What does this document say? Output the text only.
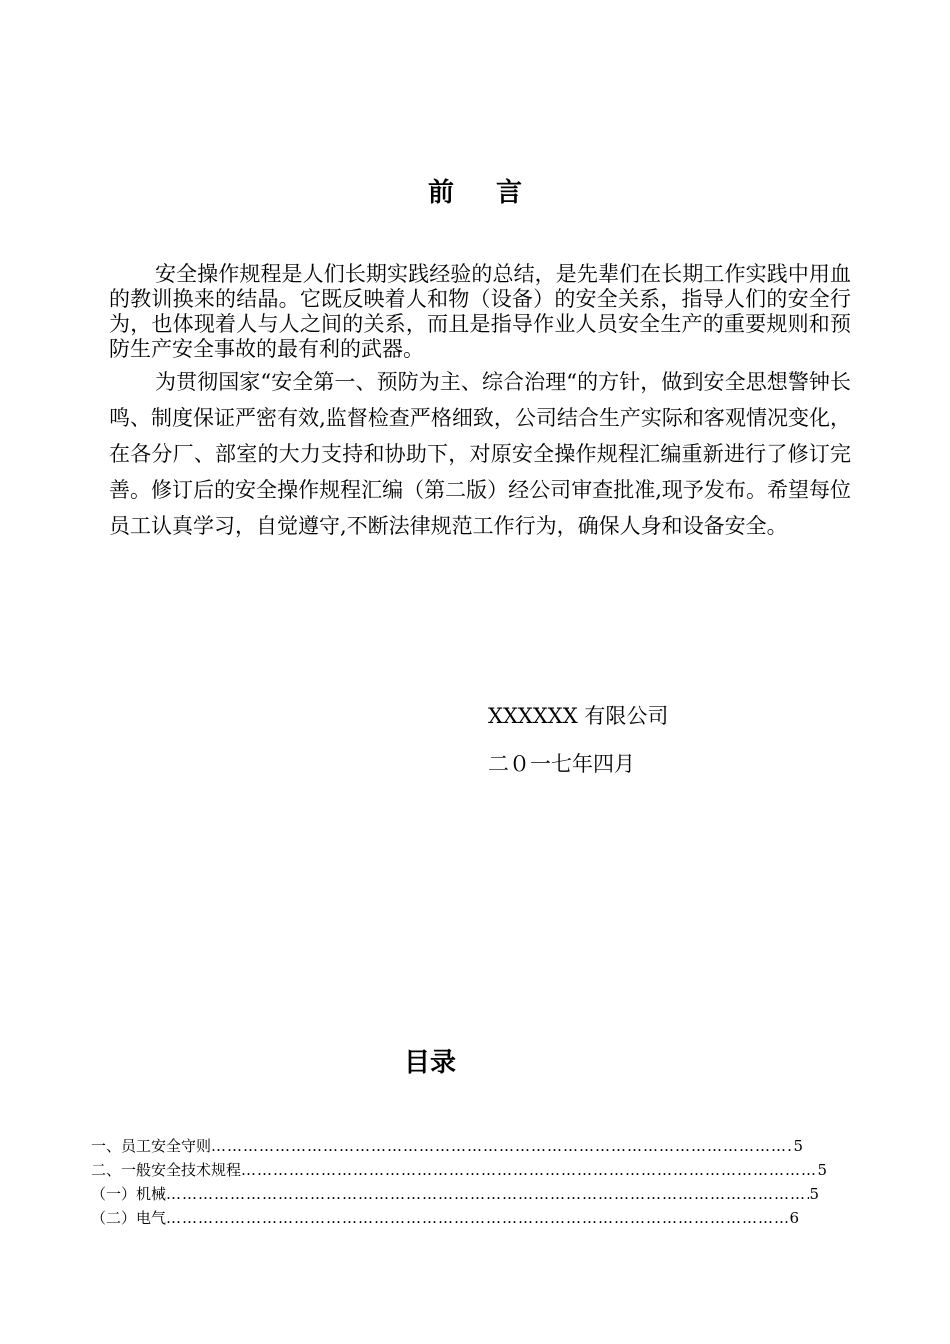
前言
安全操作规程是人们长期实践经验的总结，是先辈们在长期工作实践中用血的教训换来的结晶。它既反映着人和物（设备）的安全关系，指导人们的安全行为，也体现着人与人之间的关系，而且是指导作业人员安全生产的重要规则和预防生产安全事故的最有利的武器。
为贯彻国家“安全第一、预防为主、综合治理“的方针，做到安全思想警钟长鸣、制度保证严密有效,监督检查严格细致，公司结合生产实际和客观情况变化，在各分厂、部室的大力支持和协助下，对原安全操作规程汇编重新进行了修订完善。修订后的安全操作规程汇编（第二版）经公司审查批准,现予发布。希望每位员工认真学习，自觉遵守,不断法律规范工作行为，确保人身和设备安全。
XXXXXX 有限公司
二０一七年四月
目录
一、员工安全守则 ……………………………………………………………………………………………………………………	5
二、一般安全技术规程 ……………………………………………………………………………………………………………………	5
（一）机械 ……………………………………………………………………………………………………………………	5
（二）电气 ……………………………………………………………………………………………………………………	6
